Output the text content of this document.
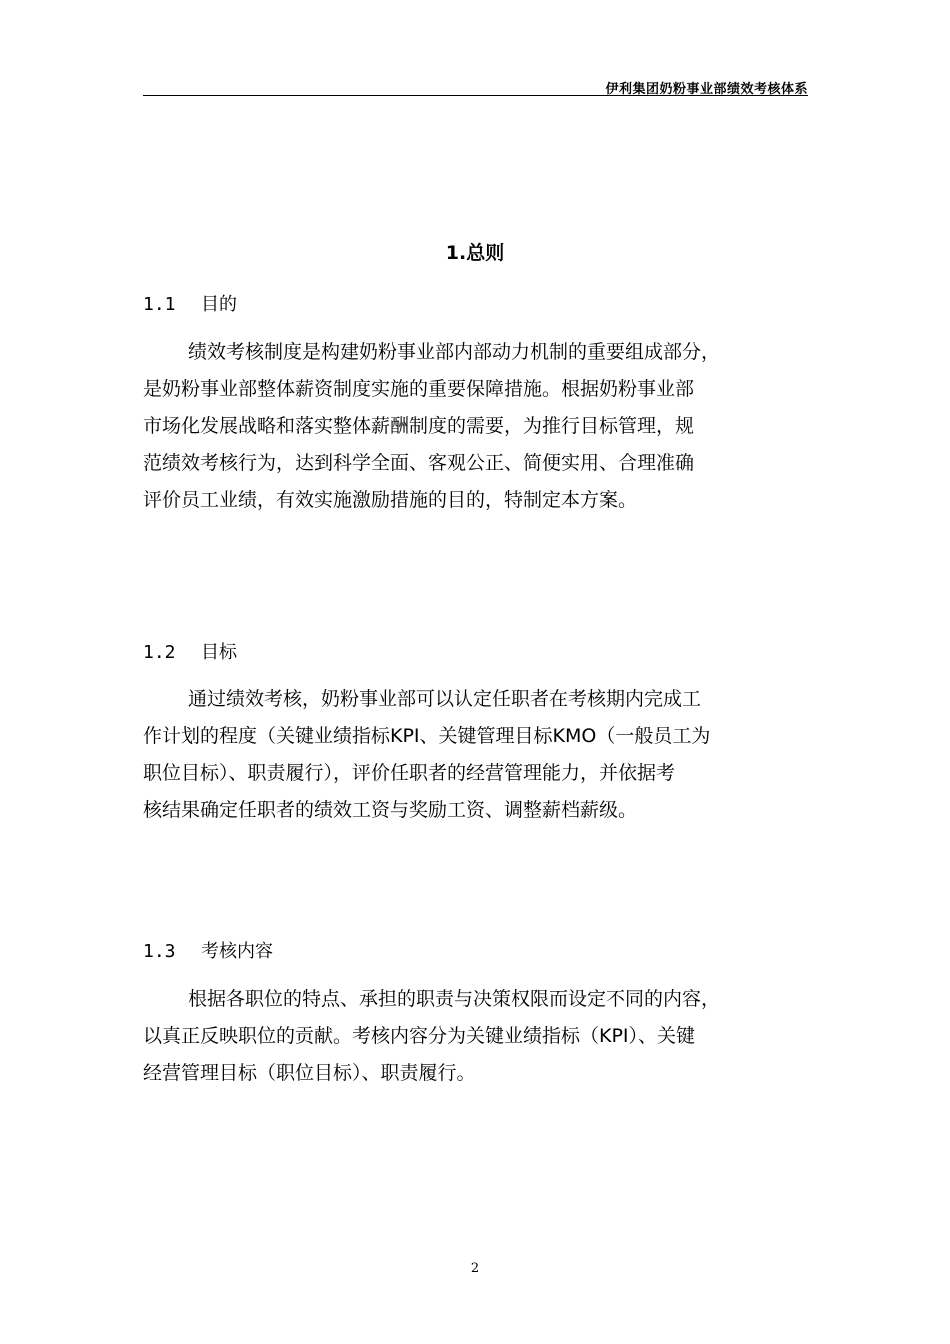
伊利集团奶粉事业部绩效考核体系
1.总则
1.1 目的
绩效考核制度是构建奶粉事业部内部动力机制的重要组成部分，
是奶粉事业部整体薪资制度实施的重要保障措施。根据奶粉事业部
市场化发展战略和落实整体薪酬制度的需要，为推行目标管理，规
范绩效考核行为，达到科学全面、客观公正、简便实用、合理准确
评价员工业绩，有效实施激励措施的目的，特制定本方案。
1.2 目标
通过绩效考核，奶粉事业部可以认定任职者在考核期内完成工
作计划的程度（关键业绩指标KPI、关键管理目标KMO（一般员工为
职位目标）、职责履行），评价任职者的经营管理能力，并依据考
核结果确定任职者的绩效工资与奖励工资、调整薪档薪级。
1.3 考核内容
根据各职位的特点、承担的职责与决策权限而设定不同的内容，
以真正反映职位的贡献。考核内容分为关键业绩指标（KPI）、关键
经营管理目标（职位目标）、职责履行。
2
